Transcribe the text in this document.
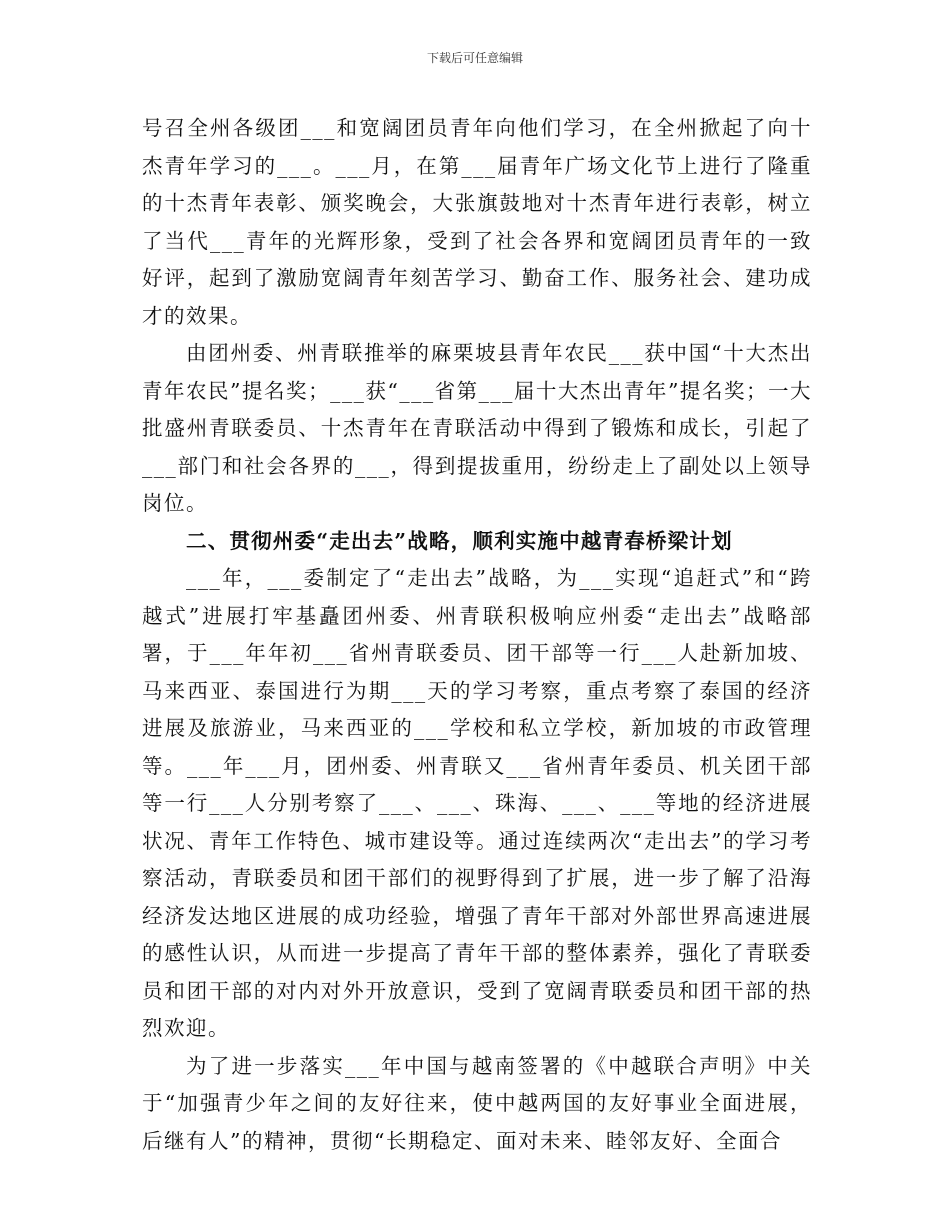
下载后可任意编辑

号召全州各级团___和宽阔团员青年向他们学习，在全州掀起了向十杰青年学习的___。___月，在第___届青年广场文化节上进行了隆重的十杰青年表彰、颁奖晚会，大张旗鼓地对十杰青年进行表彰，树立了当代___青年的光辉形象，受到了社会各界和宽阔团员青年的一致好评，起到了激励宽阔青年刻苦学习、勤奋工作、服务社会、建功成才的效果。

由团州委、州青联推举的麻栗坡县青年农民___获中国“十大杰出青年农民”提名奖；___获“___省第___届十大杰出青年”提名奖；一大批盛州青联委员、十杰青年在青联活动中得到了锻炼和成长，引起了___部门和社会各界的___，得到提拔重用，纷纷走上了副处以上领导岗位。

二、贯彻州委“走出去”战略，顺利实施中越青春桥梁计划

___年，___委制定了“走出去”战略，为___实现“追赶式”和“跨越式”进展打牢基矗团州委、州青联积极响应州委“走出去”战略部署，于___年年初___省州青联委员、团干部等一行___人赴新加坡、马来西亚、泰国进行为期___天的学习考察，重点考察了泰国的经济进展及旅游业，马来西亚的___学校和私立学校，新加坡的市政管理等。___年___月，团州委、州青联又___省州青年委员、机关团干部等一行___人分别考察了___、___、珠海、___、___等地的经济进展状况、青年工作特色、城市建设等。通过连续两次“走出去”的学习考察活动，青联委员和团干部们的视野得到了扩展，进一步了解了沿海经济发达地区进展的成功经验，增强了青年干部对外部世界高速进展的感性认识，从而进一步提高了青年干部的整体素养，强化了青联委员和团干部的对内对外开放意识，受到了宽阔青联委员和团干部的热烈欢迎。

为了进一步落实___年中国与越南签署的《中越联合声明》中关于“加强青少年之间的友好往来，使中越两国的友好事业全面进展，后继有人”的精神，贯彻“长期稳定、面对未来、睦邻友好、全面合
